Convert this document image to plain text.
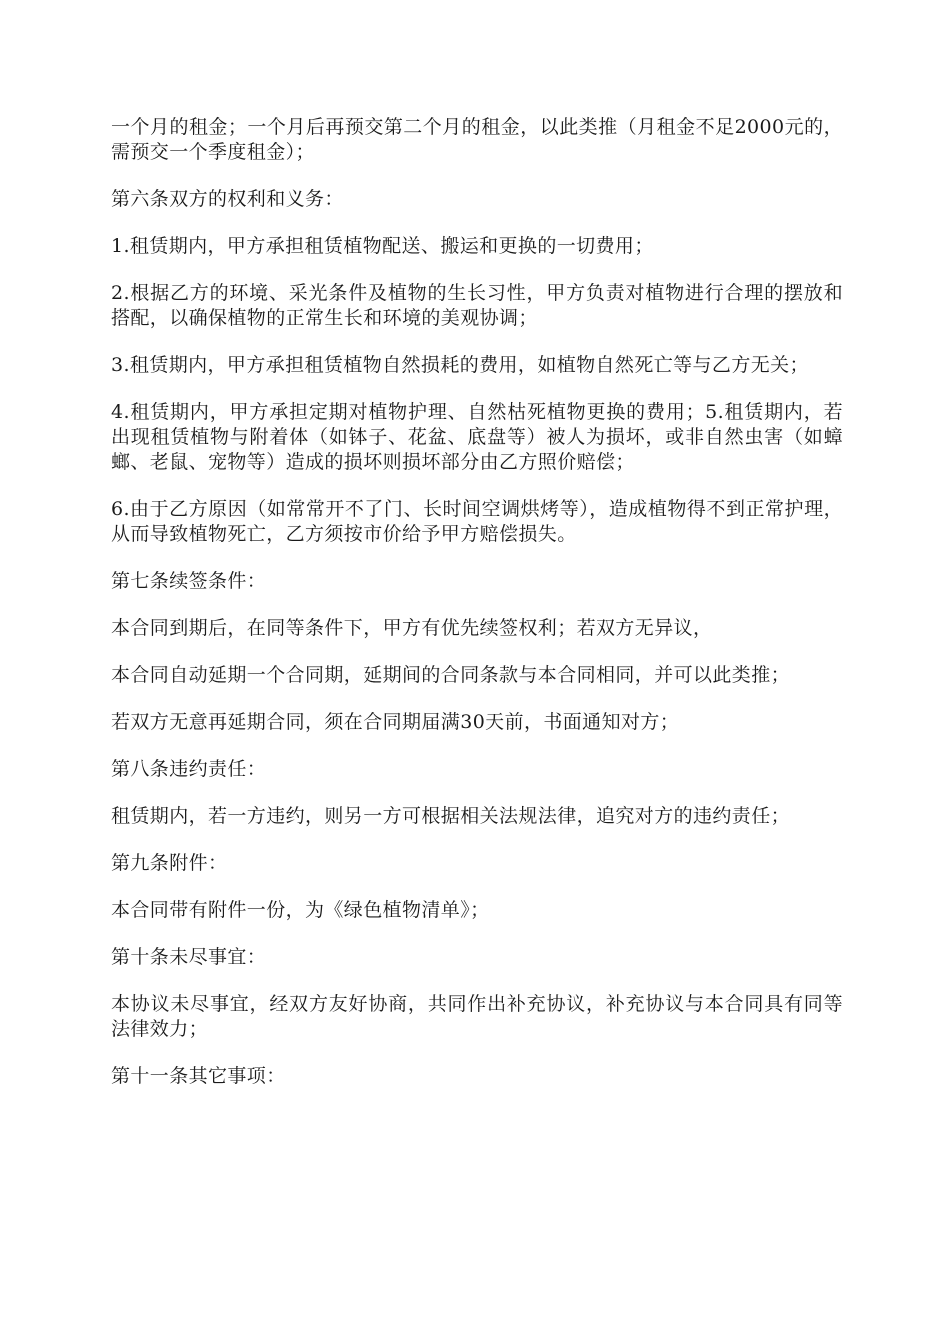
一个月的租金；一个月后再预交第二个月的租金，以此类推（月租金不足2000元的，需预交一个季度租金）；

第六条双方的权利和义务：

1.租赁期内，甲方承担租赁植物配送、搬运和更换的一切费用；

2.根据乙方的环境、采光条件及植物的生长习性，甲方负责对植物进行合理的摆放和搭配，以确保植物的正常生长和环境的美观协调；

3.租赁期内，甲方承担租赁植物自然损耗的费用，如植物自然死亡等与乙方无关；

4.租赁期内，甲方承担定期对植物护理、自然枯死植物更换的费用；5.租赁期内，若出现租赁植物与附着体（如钵子、花盆、底盘等）被人为损坏，或非自然虫害（如蟑螂、老鼠、宠物等）造成的损坏则损坏部分由乙方照价赔偿；

6.由于乙方原因（如常常开不了门、长时间空调烘烤等），造成植物得不到正常护理，从而导致植物死亡，乙方须按市价给予甲方赔偿损失。

第七条续签条件：

本合同到期后，在同等条件下，甲方有优先续签权利；若双方无异议，

本合同自动延期一个合同期，延期间的合同条款与本合同相同，并可以此类推；

若双方无意再延期合同，须在合同期届满30天前，书面通知对方；

第八条违约责任：

租赁期内，若一方违约，则另一方可根据相关法规法律，追究对方的违约责任；

第九条附件：

本合同带有附件一份，为《绿色植物清单》；

第十条未尽事宜：

本协议未尽事宜，经双方友好协商，共同作出补充协议，补充协议与本合同具有同等法律效力；

第十一条其它事项：
